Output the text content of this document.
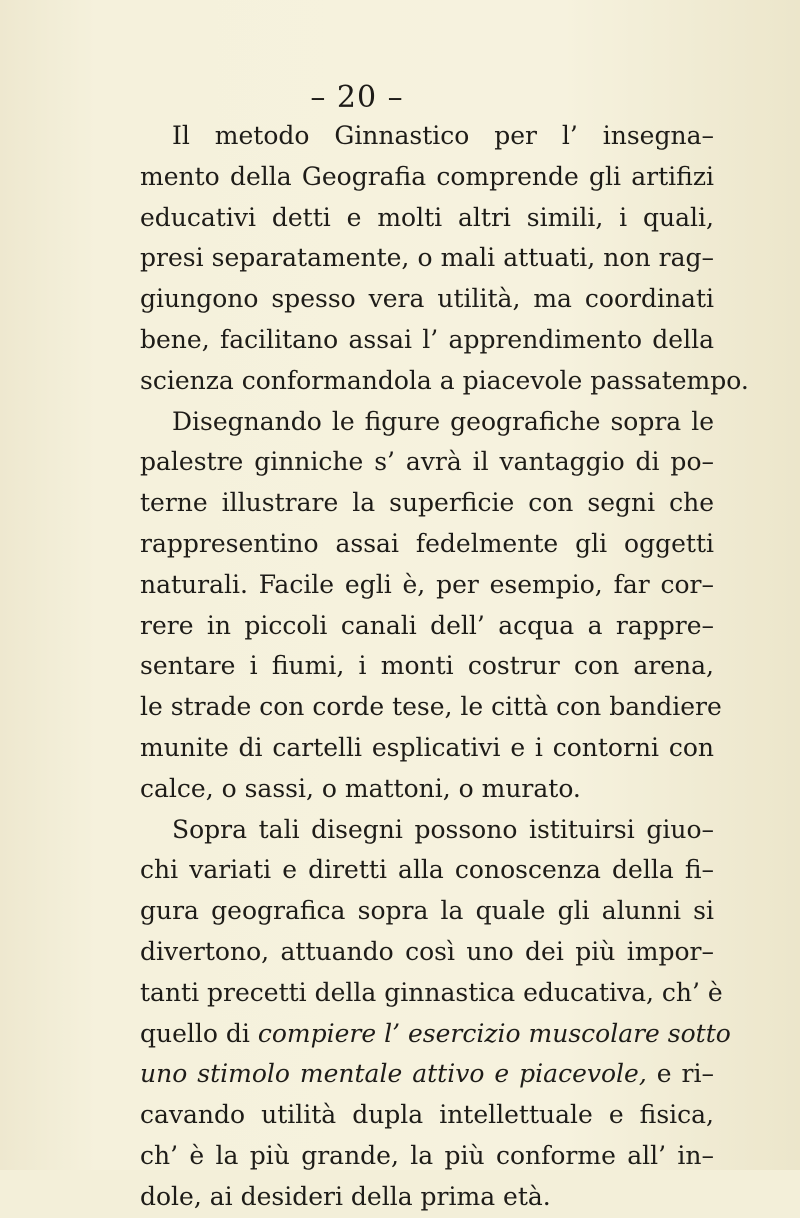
– 20 –
Il metodo Ginnastico per l’ insegna–
mento della Geografia comprende gli artifizi
educativi detti e molti altri simili, i quali,
presi separatamente, o mali attuati, non rag–
giungono spesso vera utilità, ma coordinati
bene, facilitano assai l’ apprendimento della
scienza conformandola a piacevole passatempo.
Disegnando le figure geografiche sopra le
palestre ginniche s’ avrà il vantaggio di po–
terne illustrare la superficie con segni che
rappresentino assai fedelmente gli oggetti
naturali. Facile egli è, per esempio, far cor–
rere in piccoli canali dell’ acqua a rappre–
sentare i fiumi, i monti costrur con arena,
le strade con corde tese, le città con bandiere
munite di cartelli esplicativi e i contorni con
calce, o sassi, o mattoni, o murato.
Sopra tali disegni possono istituirsi giuo–
chi variati e diretti alla conoscenza della fi–
gura geografica sopra la quale gli alunni si
divertono, attuando così uno dei più impor–
tanti precetti della ginnastica educativa, ch’ è
quello di compiere l’ esercizio muscolare sotto
uno stimolo mentale attivo e piacevole, e ri–
cavando utilità dupla intellettuale e fisica,
ch’ è la più grande, la più conforme all’ in–
dole, ai desideri della prima età.
